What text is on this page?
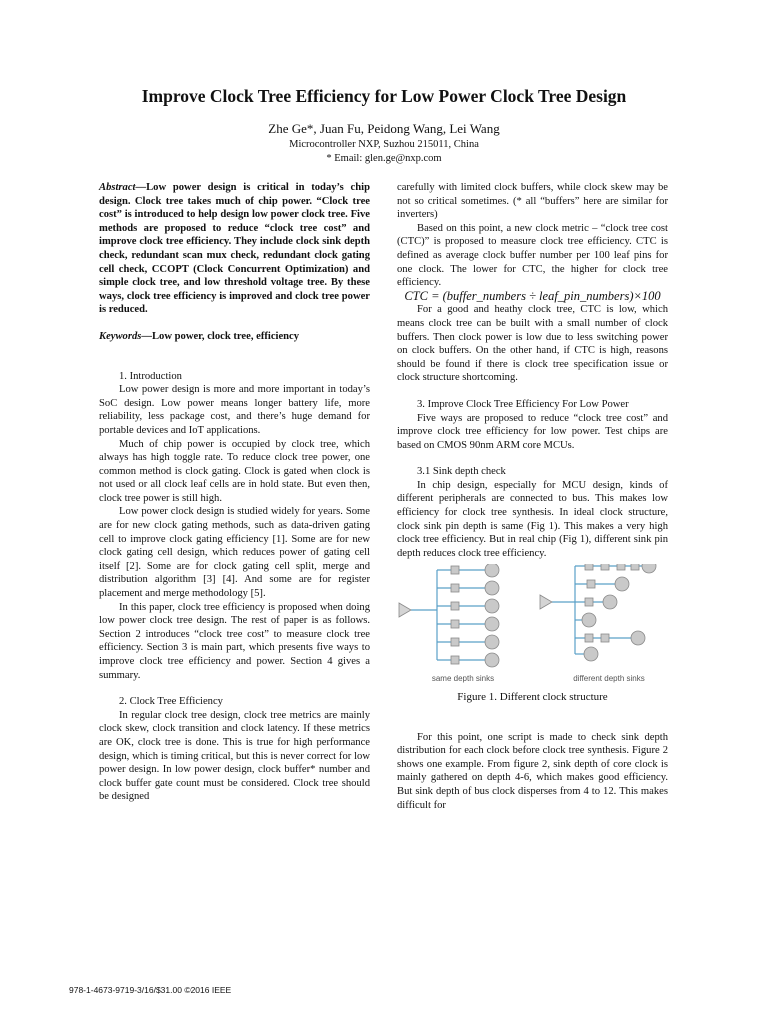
Improve Clock Tree Efficiency for Low Power Clock Tree Design
Zhe Ge*, Juan Fu, Peidong Wang, Lei Wang
Microcontroller NXP, Suzhou 215011, China
* Email: glen.ge@nxp.com

Abstract—Low power design is critical in today’s chip design. Clock tree takes much of chip power. “Clock tree cost” is introduced to help design low power clock tree. Five methods are proposed to reduce “clock tree cost” and improve clock tree efficiency. They include clock sink depth check, redundant scan mux check, redundant clock gating cell check, CCOPT (Clock Concurrent Optimization) and simple clock tree, and low threshold voltage tree. By these ways, clock tree efficiency is improved and clock tree power is reduced.

Keywords—Low power, clock tree, efficiency

1. Introduction

Low power design is more and more important in today’s SoC design. Low power means longer battery life, more reliability, less package cost, and there’s huge demand for portable devices and IoT applications.

Much of chip power is occupied by clock tree, which always has high toggle rate. To reduce clock tree power, one common method is clock gating. Clock is gated when clock is not used or all clock leaf cells are in hold state. But even then, clock tree power is still high.

Low power clock design is studied widely for years. Some are for new clock gating methods, such as data-driven gating cell to improve clock gating efficiency [1]. Some are for new clock gating cell design, which reduces power of gating cell itself [2]. Some are for clock gating cell split, merge and distribution algorithm [3] [4]. And some are for register placement and merge methodology [5].

In this paper, clock tree efficiency is proposed when doing low power clock tree design. The rest of paper is as follows. Section 2 introduces “clock tree cost” to measure clock tree efficiency. Section 3 is main part, which presents five ways to improve clock tree efficiency and power. Section 4 gives a summary.

2. Clock Tree Efficiency

In regular clock tree design, clock tree metrics are mainly clock skew, clock transition and clock latency. If these metrics are OK, clock tree is done. This is true for high performance design, which is timing critical, but this is never correct for low power design. In low power design, clock buffer* number and clock buffer gate count must be considered. Clock tree should be designed

carefully with limited clock buffers, while clock skew may be not so critical sometimes. (* all “buffers” here are similar for inverters)

Based on this point, a new clock metric – “clock tree cost (CTC)” is proposed to measure clock tree efficiency. CTC is defined as average clock buffer number per 100 leaf pins for one clock. The lower for CTC, the higher for clock tree efficiency.

CTC = (buffer_numbers ÷ leaf_pin_numbers)×100

For a good and heathy clock tree, CTC is low, which means clock tree can be built with a small number of clock buffers. Then clock power is low due to less switching power on clock buffers. On the other hand, if CTC is high, reasons should be found if there is clock tree specification issue or clock structure shortcoming.

3. Improve Clock Tree Efficiency For Low Power

Five ways are proposed to reduce “clock tree cost” and improve clock tree efficiency for low power. Test chips are based on CMOS 90nm ARM core MCUs.

3.1 Sink depth check

In chip design, especially for MCU design, kinds of different peripherals are connected to bus. This makes low efficiency for clock tree synthesis. In ideal clock structure, clock sink pin depth is same (Fig 1). This makes a very high clock tree efficiency. But in real chip (Fig 1), different sink pin depth reduces clock tree efficiency.

same depth sinks	different depth sinks

Figure 1. Different clock structure

For this point, one script is made to check sink depth distribution for each clock before clock tree synthesis. Figure 2 shows one example. From figure 2, sink depth of core clock is mainly gathered on depth 4-6, which makes good efficiency. But sink depth of bus clock disperses from 4 to 12. This makes difficult for

978-1-4673-9719-3/16/$31.00 ©2016 IEEE
